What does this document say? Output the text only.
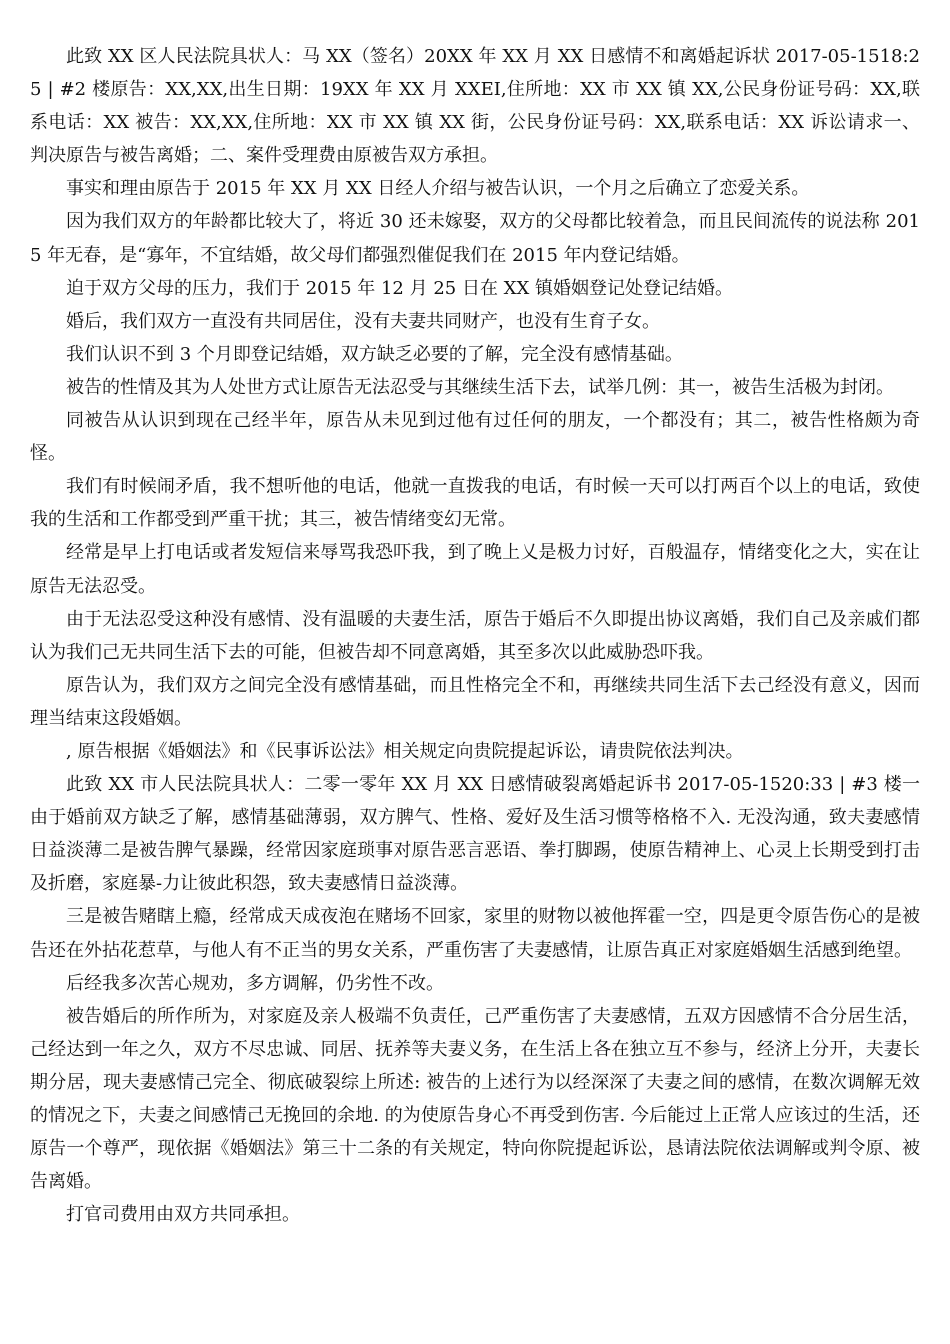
此致 XX 区人民法院具状人：马 XX（签名）20XX 年 XX 月 XX 日感情不和离婚起诉状 2017-05-1518:25 | #2 楼原告：XX,XX,出生日期：19XX 年 XX 月 XXEI,住所地：XX 市 XX 镇 XX,公民身份证号码：XX,联系电话：XX 被告：XX,XX,住所地：XX 市 XX 镇 XX 街，公民身份证号码：XX,联系电话：XX 诉讼请求一、判决原告与被告离婚；二、案件受理费由原被告双方承担。

事实和理由原告于 2015 年 XX 月 XX 日经人介绍与被告认识，一个月之后确立了恋爱关系。

因为我们双方的年龄都比较大了，将近 30 还未嫁娶，双方的父母都比较着急，而且民间流传的说法称 2015 年无春，是“寡年，不宜结婚，故父母们都强烈催促我们在 2015 年内登记结婚。

迫于双方父母的压力，我们于 2015 年 12 月 25 日在 XX 镇婚姻登记处登记结婚。

婚后，我们双方一直没有共同居住，没有夫妻共同财产，也没有生育子女。

我们认识不到 3 个月即登记结婚，双方缺乏必要的了解，完全没有感情基础。

被告的性情及其为人处世方式让原告无法忍受与其继续生活下去，试举几例：其一，被告生活极为封闭。

同被告从认识到现在己经半年，原告从未见到过他有过任何的朋友，一个都没有；其二，被告性格颇为奇怪。

我们有时候闹矛盾，我不想听他的电话，他就一直拨我的电话，有时候一天可以打两百个以上的电话，致使我的生活和工作都受到严重干扰；其三，被告情绪变幻无常。

经常是早上打电话或者发短信来辱骂我恐吓我，到了晚上乂是极力讨好，百般温存，情绪变化之大，实在让原告无法忍受。

由于无法忍受这种没有感情、没有温暖的夫妻生活，原告于婚后不久即提出协议离婚，我们自己及亲戚们都认为我们己无共同生活下去的可能，但被告却不同意离婚，其至多次以此威胁恐吓我。

原告认为，我们双方之间完全没有感情基础，而且性格完全不和，再继续共同生活下去己经没有意义，因而理当结束这段婚姻。

, 原告根据《婚姻法》和《民事诉讼法》相关规定向贵院提起诉讼，请贵院依法判决。

此致 XX 市人民法院具状人：二零一零年 XX 月 XX 日感情破裂离婚起诉书 2017-05-1520:33 | #3 楼一由于婚前双方缺乏了解，感情基础薄弱，双方脾气、性格、爱好及生活习惯等格格不入. 无没沟通，致夫妻感情日益淡薄二是被告脾气暴躁，经常因家庭琐事对原告恶言恶语、拳打脚踢，使原告精神上、心灵上长期受到打击及折磨，家庭暴-力让彼此积怨，致夫妻感情日益淡薄。

三是被告赌瞎上瘾，经常成天成夜泡在赌场不回家，家里的财物以被他挥霍一空，四是更令原告伤心的是被告还在外拈花惹草，与他人有不正当的男女关系，严重伤害了夫妻感情，让原告真正对家庭婚姻生活感到绝望。

后经我多次苦心规劝，多方调解，仍劣性不改。

被告婚后的所作所为，对家庭及亲人极端不负责任，己严重伤害了夫妻感情，五双方因感情不合分居生活，己经达到一年之久，双方不尽忠诚、同居、抚养等夫妻义务，在生活上各在独立互不参与，经济上分开，夫妻长期分居，现夫妻感情己完全、彻底破裂综上所述: 被告的上述行为以经深深了夫妻之间的感情，在数次调解无效的情况之下，夫妻之间感情己无挽回的余地. 的为使原告身心不再受到伤害. 今后能过上正常人应该过的生活，还原告一个尊严，现依据《婚姻法》第三十二条的有关规定，特向你院提起诉讼，恳请法院依法调解或判令原、被告离婚。

打官司费用由双方共同承担。
